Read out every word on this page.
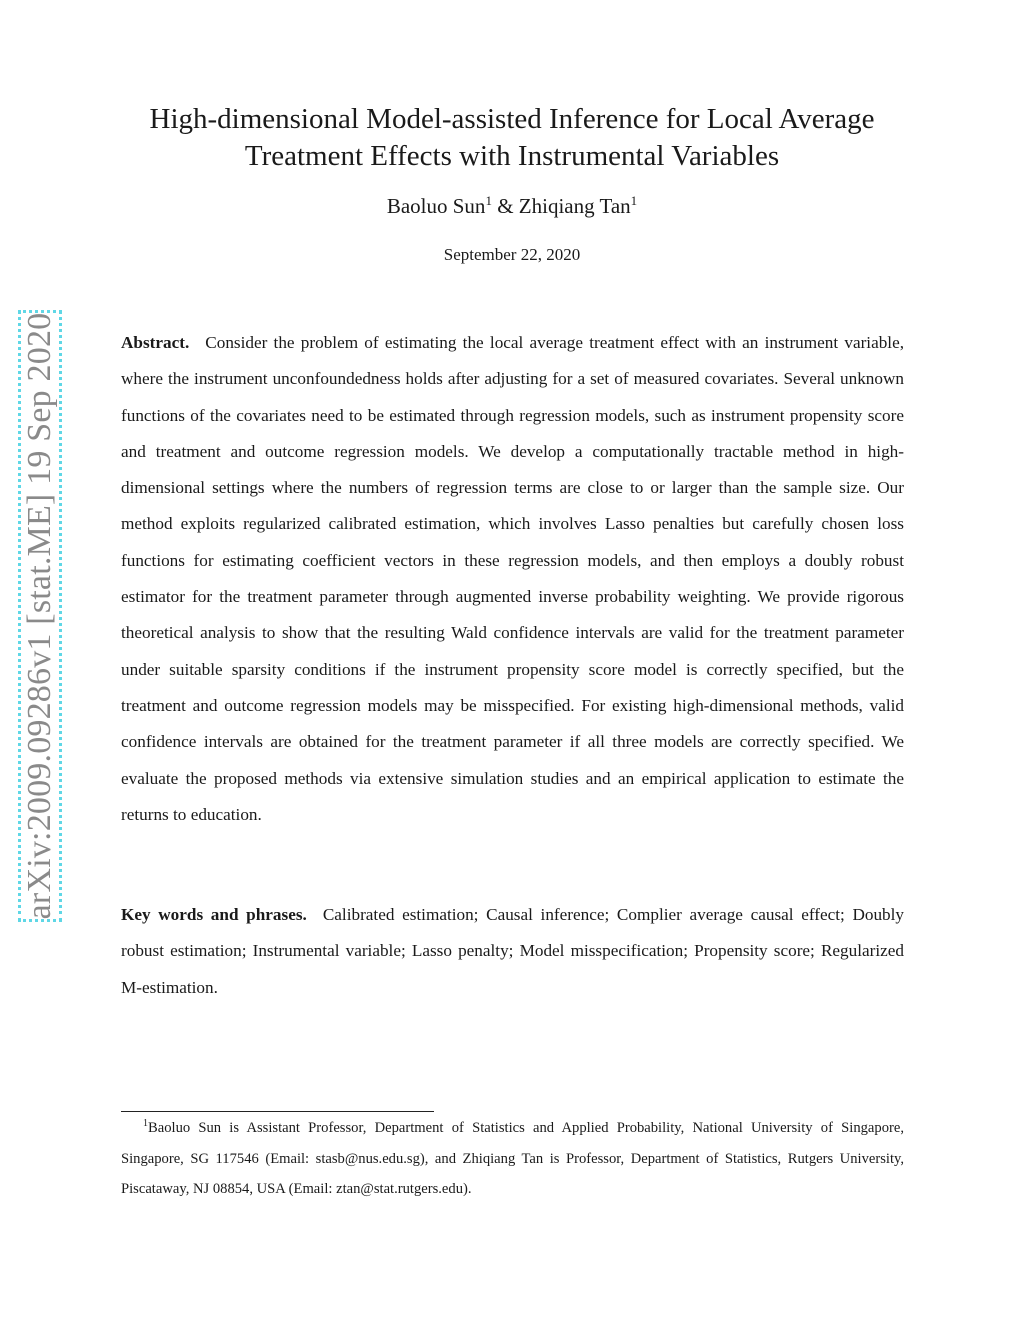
arXiv:2009.09286v1 [stat.ME] 19 Sep 2020
High-dimensional Model-assisted Inference for Local Average
Treatment Effects with Instrumental Variables
Baoluo Sun$^1$ & Zhiqiang Tan$^1$
September 22, 2020

Abstract. Consider the problem of estimating the local average treatment effect with an instrument variable, where the instrument unconfoundedness holds after adjusting for a set of measured covariates. Several unknown functions of the covariates need to be estimated through regression models, such as instrument propensity score and treatment and outcome regression models. We develop a computationally tractable method in high-dimensional settings where the numbers of regression terms are close to or larger than the sample size. Our method exploits regularized calibrated estimation, which involves Lasso penalties but carefully chosen loss functions for estimating coefficient vectors in these regression models, and then employs a doubly robust estimator for the treatment parameter through augmented inverse probability weighting. We provide rigorous theoretical analysis to show that the resulting Wald confidence intervals are valid for the treatment parameter under suitable sparsity conditions if the instrument propensity score model is correctly specified, but the treatment and outcome regression models may be misspecified. For existing high-dimensional methods, valid confidence intervals are obtained for the treatment parameter if all three models are correctly specified. We evaluate the proposed methods via extensive simulation studies and an empirical application to estimate the returns to education.

Key words and phrases. Calibrated estimation; Causal inference; Complier average causal effect; Doubly robust estimation; Instrumental variable; Lasso penalty; Model misspecification; Propensity score; Regularized M-estimation.

$^1$Baoluo Sun is Assistant Professor, Department of Statistics and Applied Probability, National University of Singapore, Singapore, SG 117546 (Email: stasb@nus.edu.sg), and Zhiqiang Tan is Professor, Department of Statistics, Rutgers University, Piscataway, NJ 08854, USA (Email: ztan@stat.rutgers.edu).
